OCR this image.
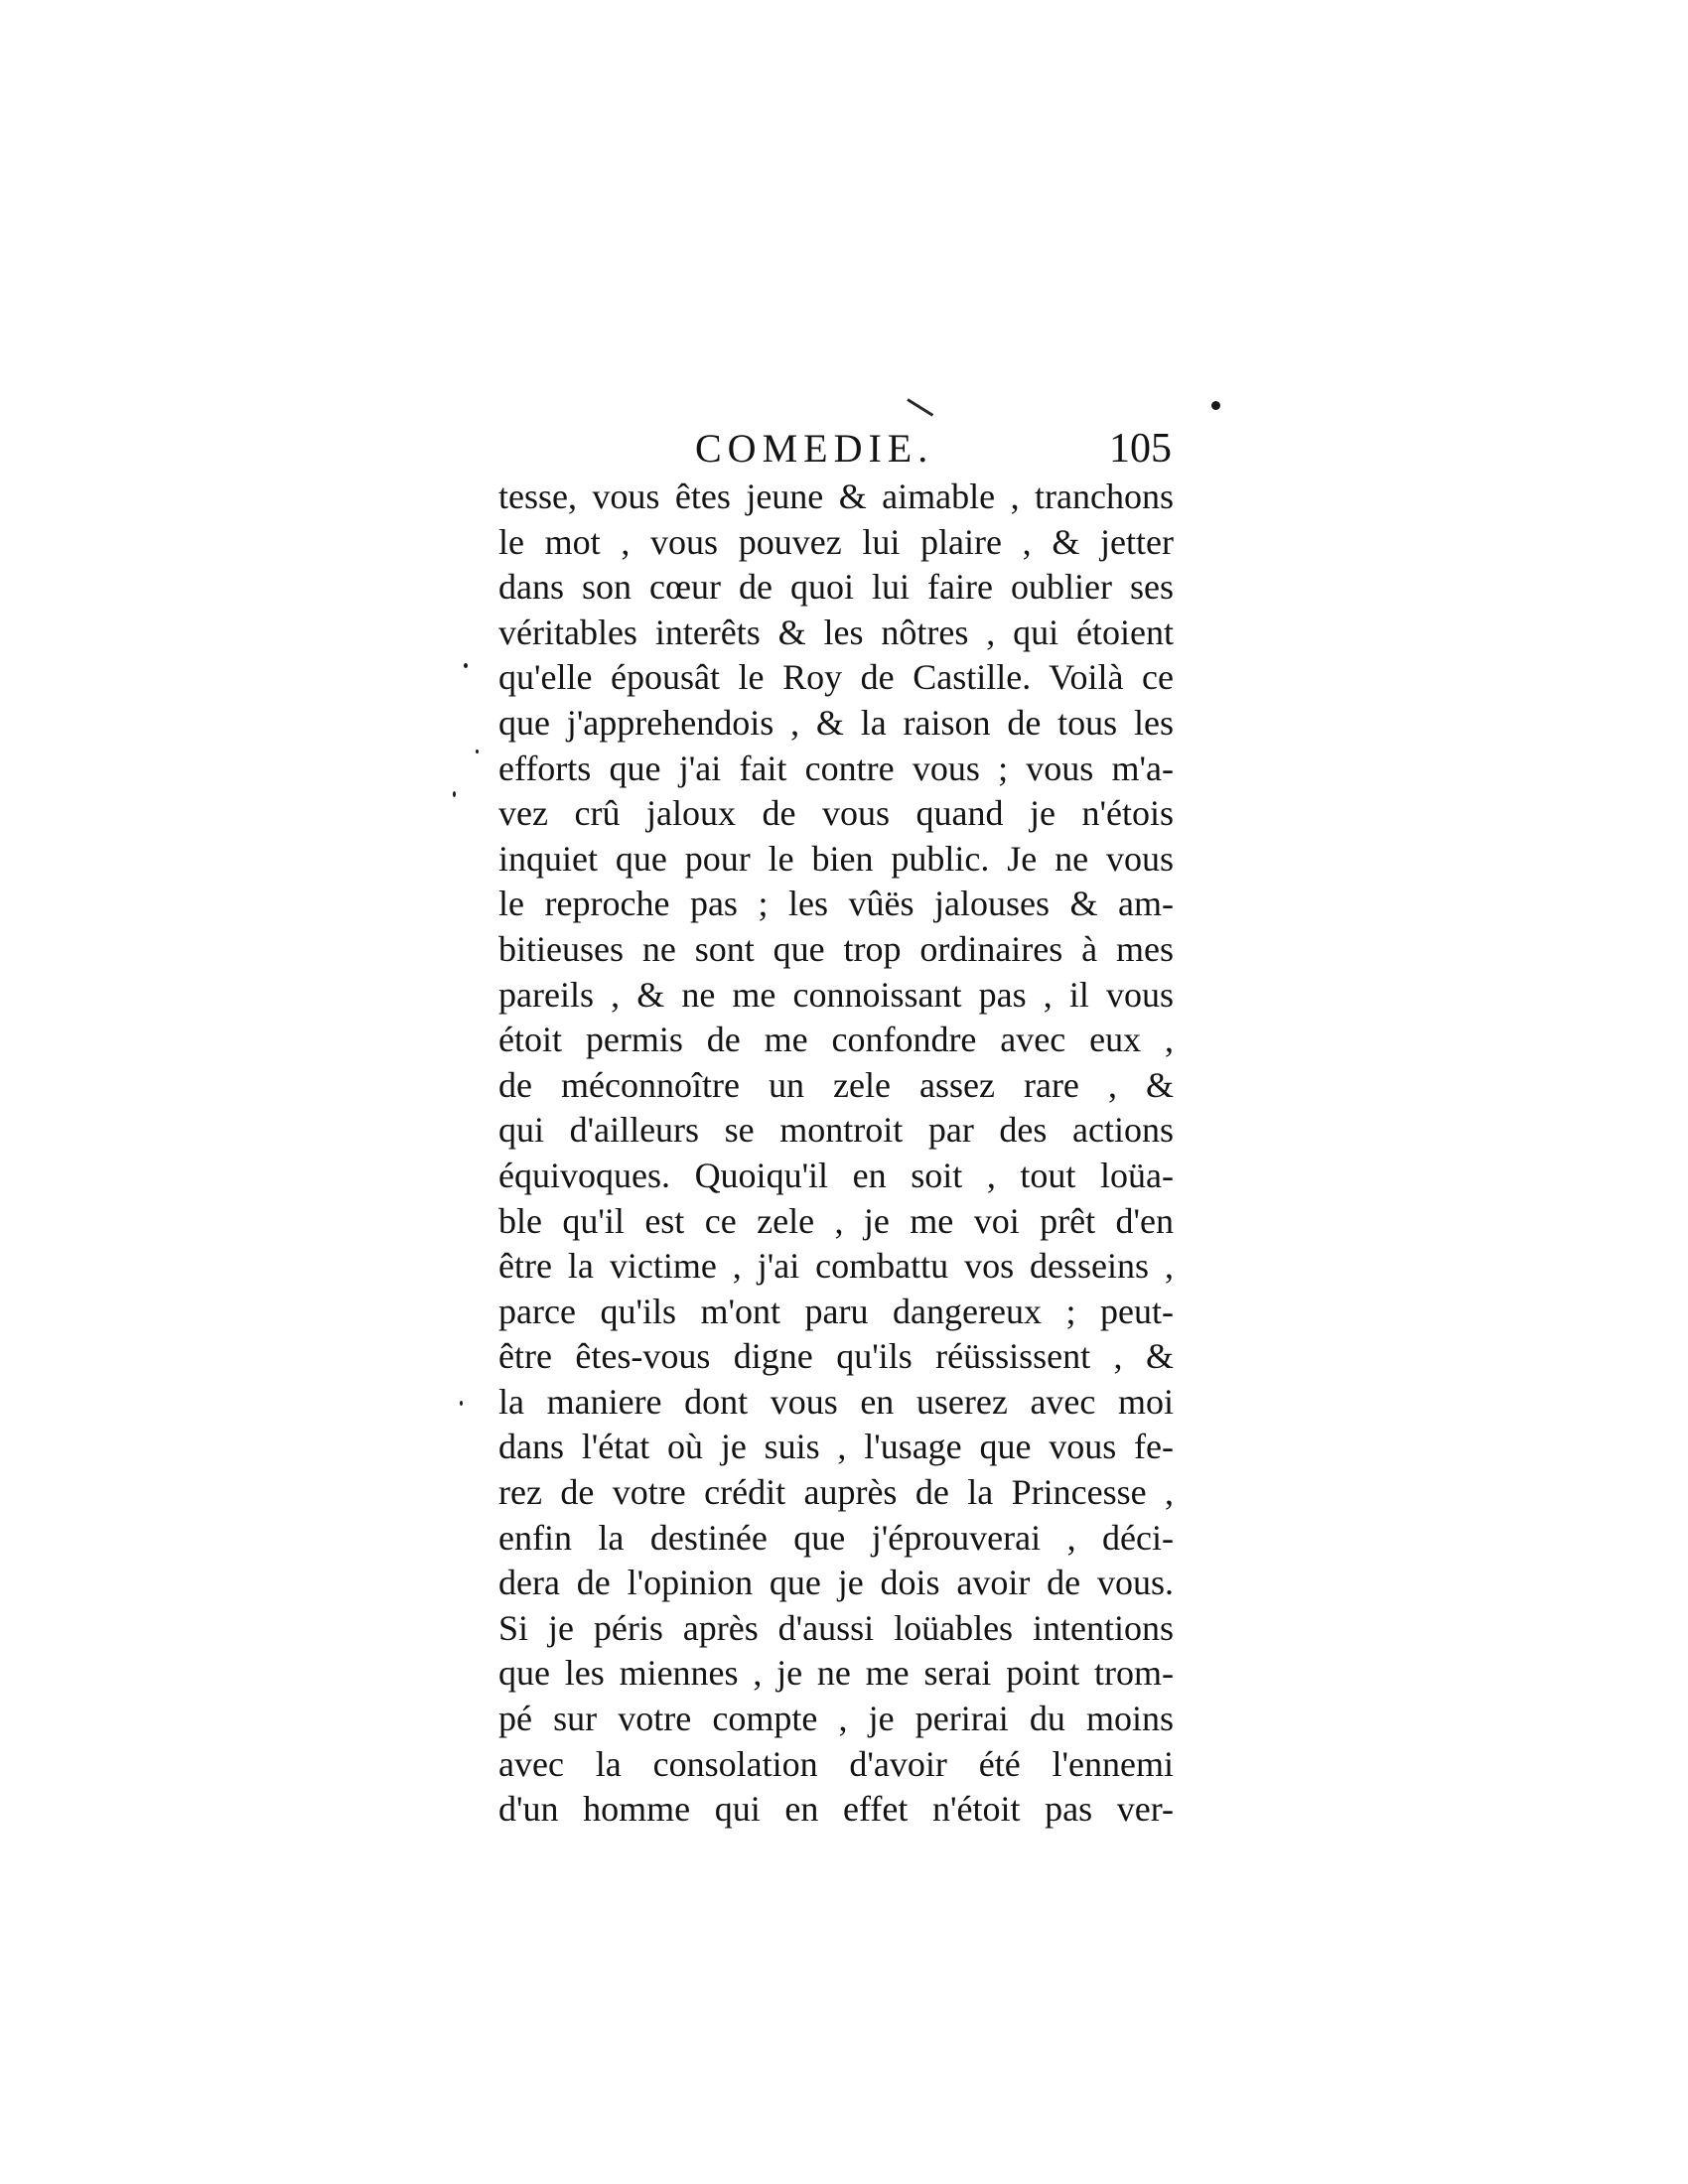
COMEDIE.	105
tesse, vous êtes jeune & aimable , tranchons
le mot , vous pouvez lui plaire , & jetter
dans son cœur de quoi lui faire oublier ses
véritables interêts & les nôtres , qui étoient
qu'elle épousât le Roy de Castille. Voilà ce
que j'apprehendois , & la raison de tous les
efforts que j'ai fait contre vous ; vous m'a-
vez crû jaloux de vous quand je n'étois
inquiet que pour le bien public. Je ne vous
le reproche pas ; les vûës jalouses & am-
bitieuses ne sont que trop ordinaires à mes
pareils , & ne me connoissant pas , il vous
étoit permis de me confondre avec eux ,
de méconnoître un zele assez rare , &
qui d'ailleurs se montroit par des actions
équivoques. Quoiqu'il en soit , tout loüa-
ble qu'il est ce zele , je me voi prêt d'en
être la victime , j'ai combattu vos desseins ,
parce qu'ils m'ont paru dangereux ; peut-
être êtes-vous digne qu'ils réüssissent , &
la maniere dont vous en userez avec moi
dans l'état où je suis , l'usage que vous fe-
rez de votre crédit auprès de la Princesse ,
enfin la destinée que j'éprouverai , déci-
dera de l'opinion que je dois avoir de vous.
Si je péris après d'aussi loüables intentions
que les miennes , je ne me serai point trom-
pé sur votre compte , je perirai du moins
avec la consolation d'avoir été l'ennemi
d'un homme qui en effet n'étoit pas ver-
